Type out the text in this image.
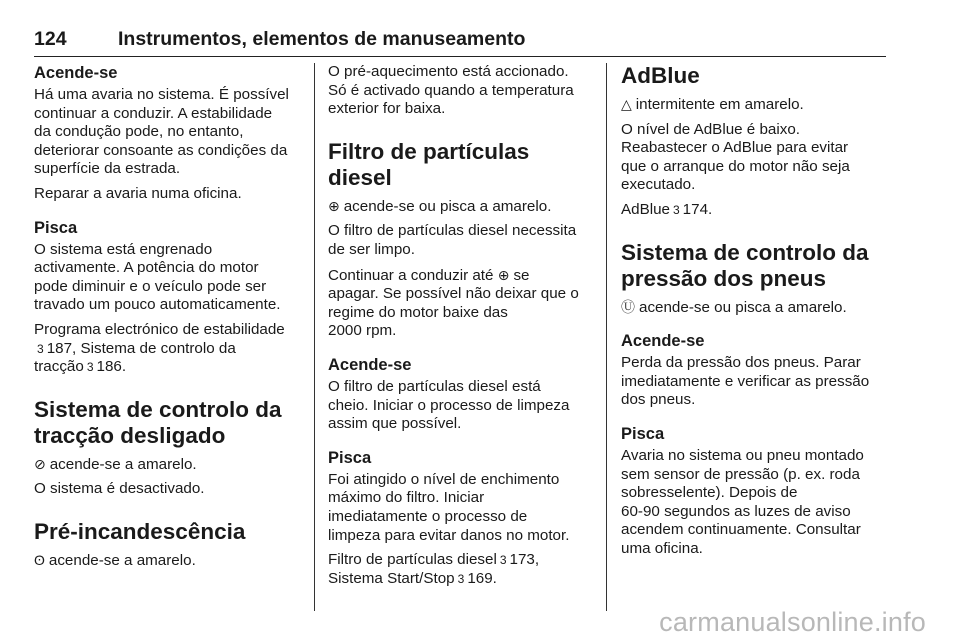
124	Instrumentos, elementos de manuseamento
Acende-se

Há uma avaria no sistema. É possível
continuar a conduzir. A estabilidade
da condução pode, no entanto,
deteriorar consoante as condições da
superfície da estrada.

Reparar a avaria numa oficina.

Pisca

O sistema está engrenado
activamente. A potência do motor
pode diminuir e o veículo pode ser
travado um pouco automaticamente.

Programa electrónico de estabilidade
3 187, Sistema de controlo da
tracção 3 186.

Sistema de controlo da
tracção desligado

⊘ acende-se a amarelo.

O sistema é desactivado.

Pré-incandescência

ʘ acende-se a amarelo.

O pré-aquecimento está accionado.
Só é activado quando a temperatura
exterior for baixa.

Filtro de partículas diesel

⊕ acende-se ou pisca a amarelo.

O filtro de partículas diesel necessita
de ser limpo.

Continuar a conduzir até ⊕ se
apagar. Se possível não deixar que o
regime do motor baixe das
2000 rpm.

Acende-se

O filtro de partículas diesel está
cheio. Iniciar o processo de limpeza
assim que possível.

Pisca

Foi atingido o nível de enchimento
máximo do filtro. Iniciar
imediatamente o processo de
limpeza para evitar danos no motor.

Filtro de partículas diesel 3 173,
Sistema Start/Stop 3 169.

AdBlue

△ intermitente em amarelo.

O nível de AdBlue é baixo.
Reabastecer o AdBlue para evitar
que o arranque do motor não seja
executado.

AdBlue 3 174.

Sistema de controlo da
pressão dos pneus

Ⓤ acende-se ou pisca a amarelo.

Acende-se

Perda da pressão dos pneus. Parar
imediatamente e verificar as pressão
dos pneus.

Pisca

Avaria no sistema ou pneu montado
sem sensor de pressão (p. ex. roda
sobresselente). Depois de
60-90 segundos as luzes de aviso
acendem continuamente. Consultar
uma oficina.

carmanualsonline.info
